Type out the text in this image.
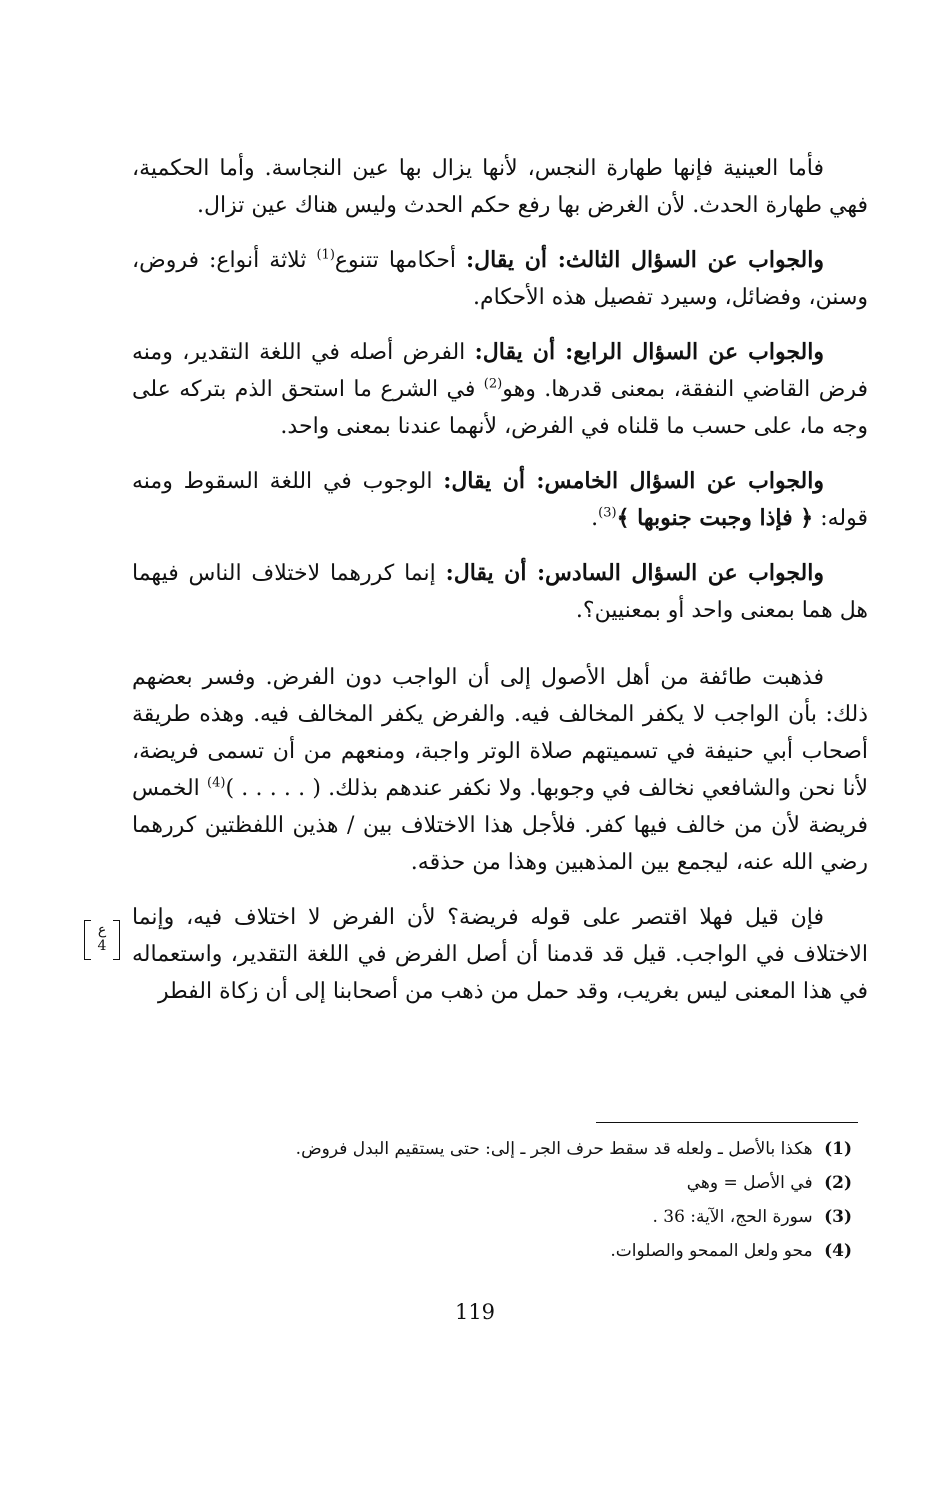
فأما العينية فإنها طهارة النجس، لأنها يزال بها عين النجاسة. وأما الحكمية، فهي طهارة الحدث. لأن الغرض بها رفع حكم الحدث وليس هناك عين تزال.

والجواب عن السؤال الثالث: أن يقال: أحكامها تتنوع$^{(1)}$ ثلاثة أنواع: فروض، وسنن، وفضائل، وسيرد تفصيل هذه الأحكام.

والجواب عن السؤال الرابع: أن يقال: الفرض أصله في اللغة التقدير، ومنه فرض القاضي النفقة، بمعنى قدرها. وهو$^{(2)}$ في الشرع ما استحق الذم بتركه على وجه ما، على حسب ما قلناه في الفرض، لأنهما عندنا بمعنى واحد.

والجواب عن السؤال الخامس: أن يقال: الوجوب في اللغة السقوط ومنه قوله: ﴿ فإذا وجبت جنوبها ﴾$^{(3)}$.

والجواب عن السؤال السادس: أن يقال: إنما كررهما لاختلاف الناس فيهما هل هما بمعنى واحد أو بمعنيين؟.

فذهبت طائفة من أهل الأصول إلى أن الواجب دون الفرض. وفسر بعضهم ذلك: بأن الواجب لا يكفر المخالف فيه. والفرض يكفر المخالف فيه. وهذه طريقة أصحاب أبي حنيفة في تسميتهم صلاة الوتر واجبة، ومنعهم من أن تسمى فريضة، لأنا نحن والشافعي نخالف في وجوبها. ولا نكفر عندهم بذلك. ( . . . . . )$^{(4)}$ الخمس فريضة لأن من خالف فيها كفر. فلأجل هذا الاختلاف بين / هذين اللفظتين كررهما رضي الله عنه، ليجمع بين المذهبين وهذا من حذقه.

فإن قيل فهلا اقتصر على قوله فريضة؟ لأن الفرض لا اختلاف فيه، وإنما الاختلاف في الواجب. قيل قد قدمنا أن أصل الفرض في اللغة التقدير، واستعماله في هذا المعنى ليس بغريب، وقد حمل من ذهب من أصحابنا إلى أن زكاة الفطر

ع
4

(1) هكذا بالأصل ـ ولعله قد سقط حرف الجر ـ إلى: حتى يستقيم البدل فروض.

(2) في الأصل = وهي

(3) سورة الحج، الآية: 36 .

(4) محو ولعل الممحو والصلوات.

119
